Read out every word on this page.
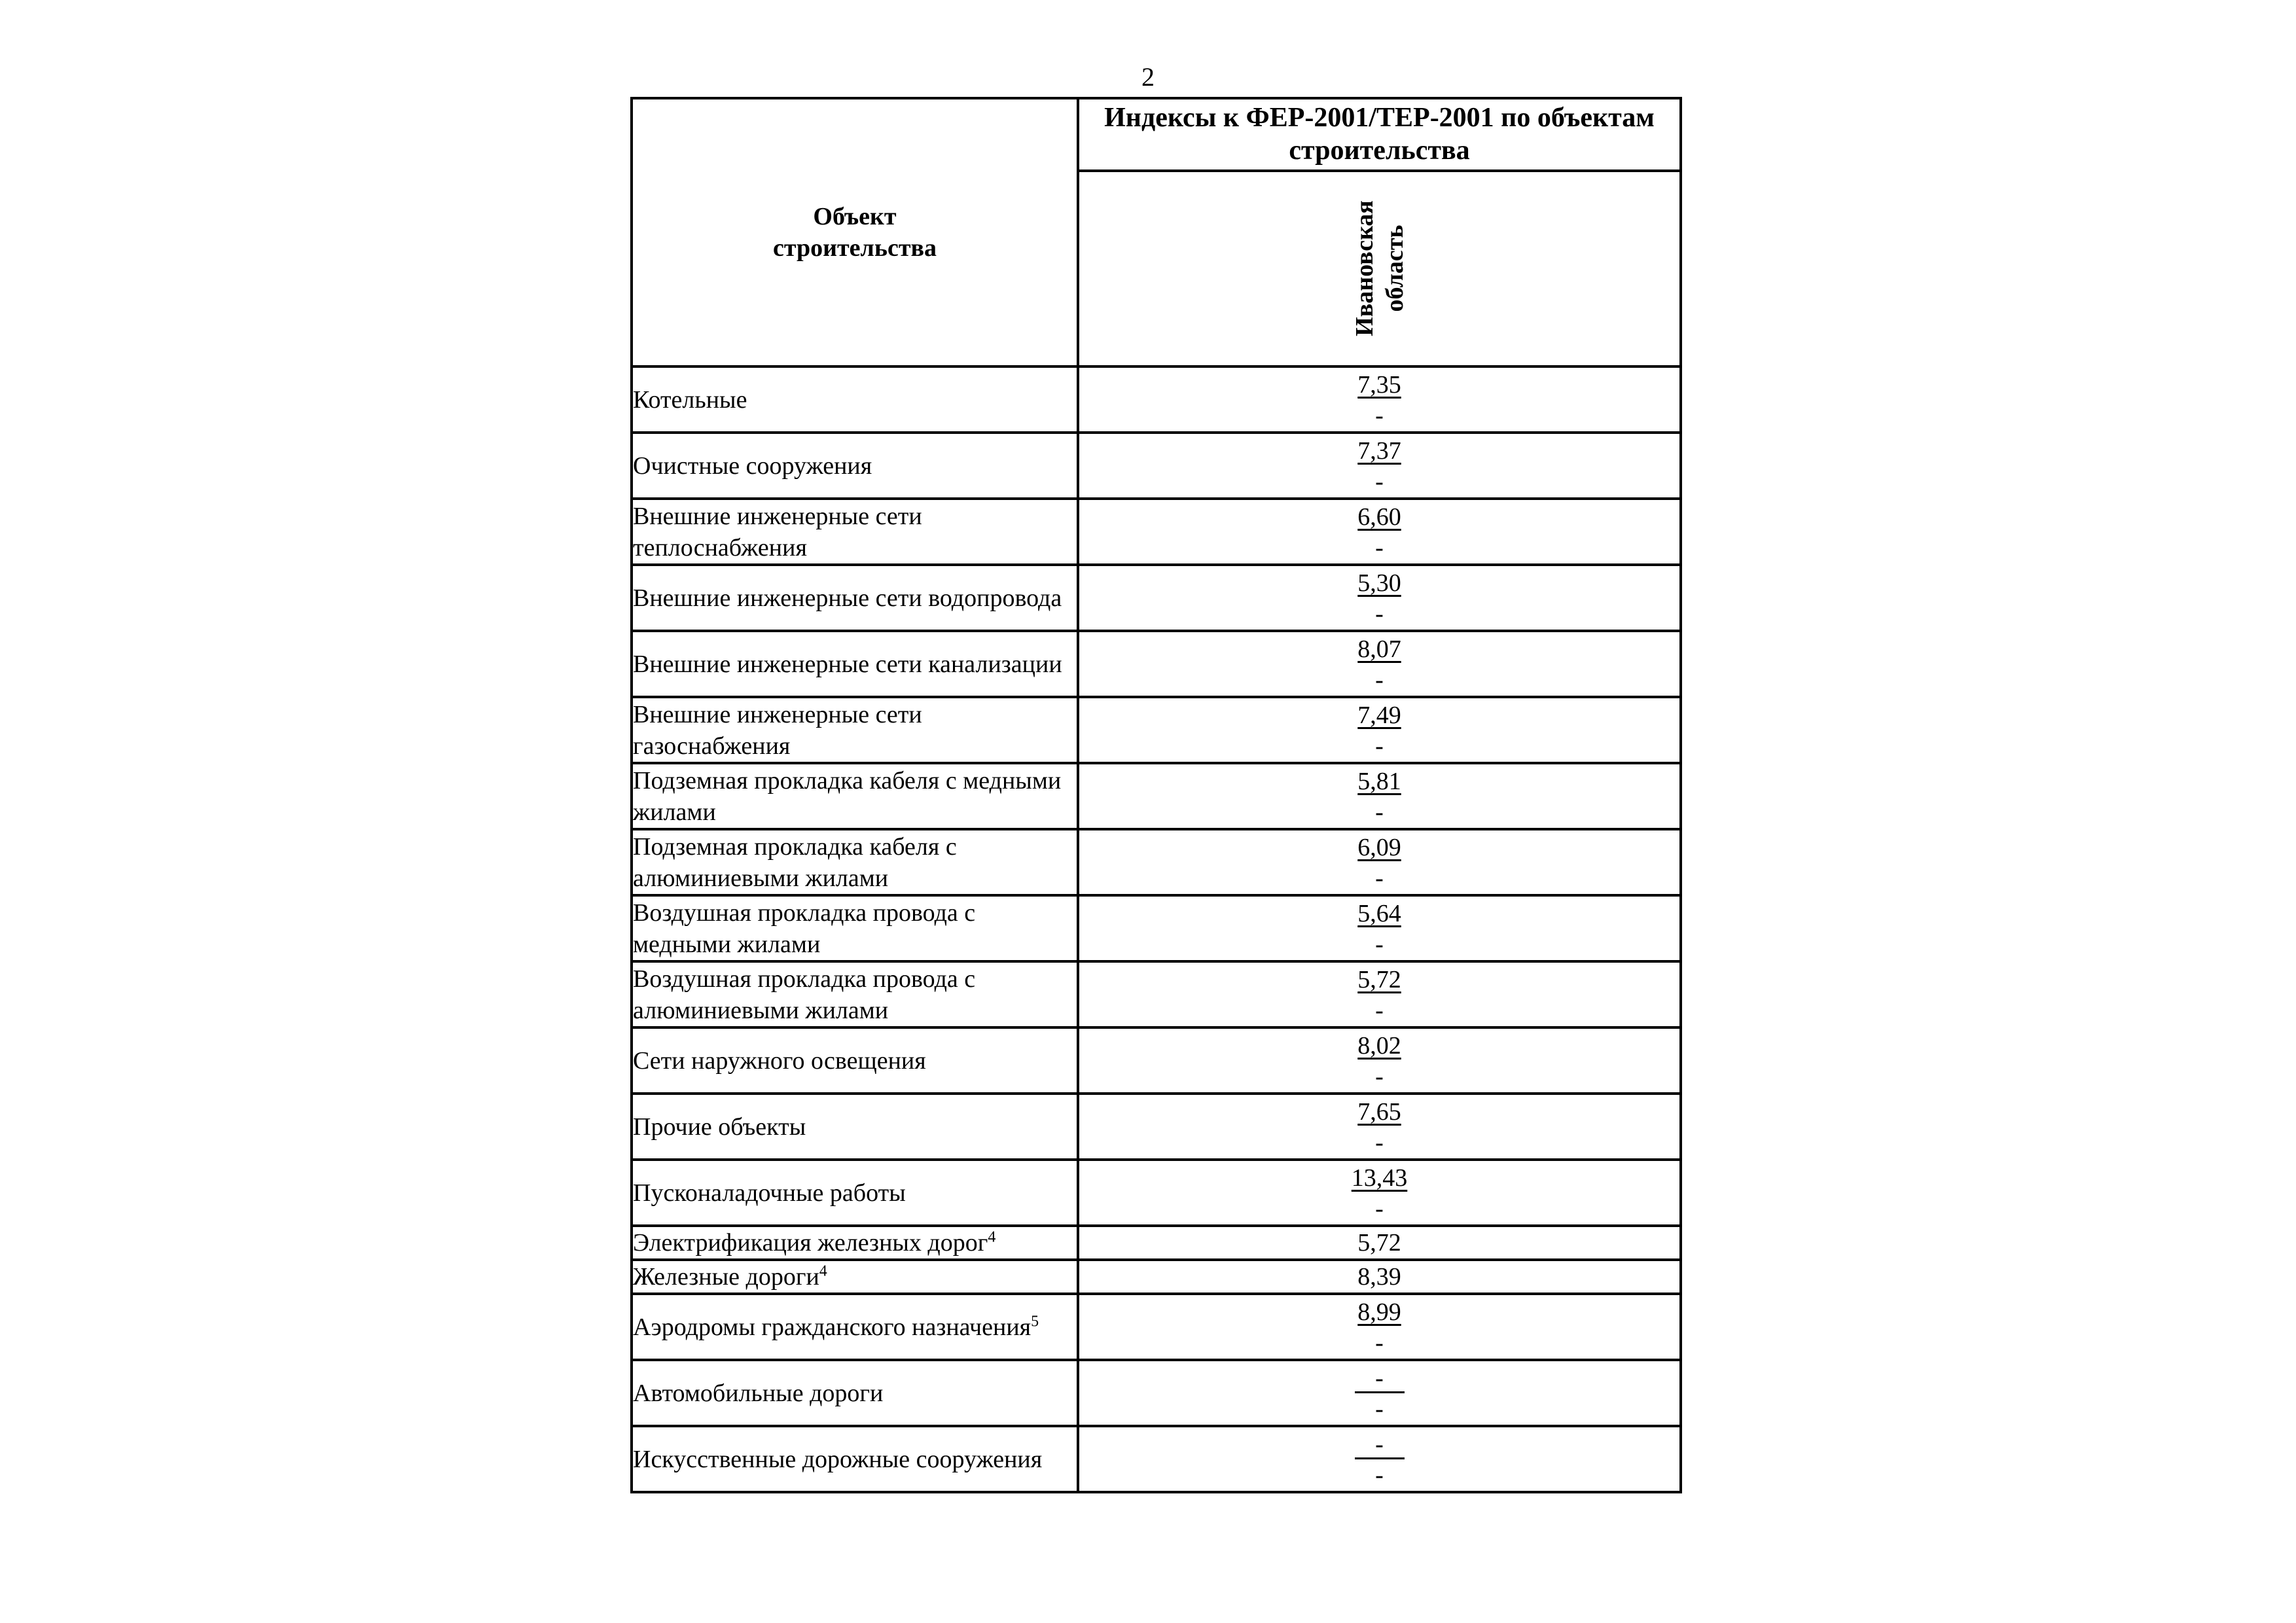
2
Объект
строительства	Индексы к ФЕР-2001/ТЕР-2001 по объектам строительства

	Ивановская
область

Котельные	7,35
-

Очистные сооружения	7,37
-

Внешние инженерные сети теплоснабжения	6,60
-

Внешние инженерные сети водопровода	5,30
-

Внешние инженерные сети канализации	8,07
-

Внешние инженерные сети газоснабжения	7,49
-

Подземная прокладка кабеля с медными жилами	5,81
-

Подземная прокладка кабеля с алюминиевыми жилами	6,09
-

Воздушная прокладка провода с медными жилами	5,64
-

Воздушная прокладка провода с алюминиевыми жилами	5,72
-

Сети наружного освещения	8,02
-

Прочие объекты	7,65
-

Пусконаладочные работы	13,43
-

Электрификация железных дорог$^4$	5,72
Железные дороги$^4$	8,39
Аэродромы гражданского назначения$^5$	8,99
-

Автомобильные дороги	-
-

Искусственные дорожные сооружения	-
-
